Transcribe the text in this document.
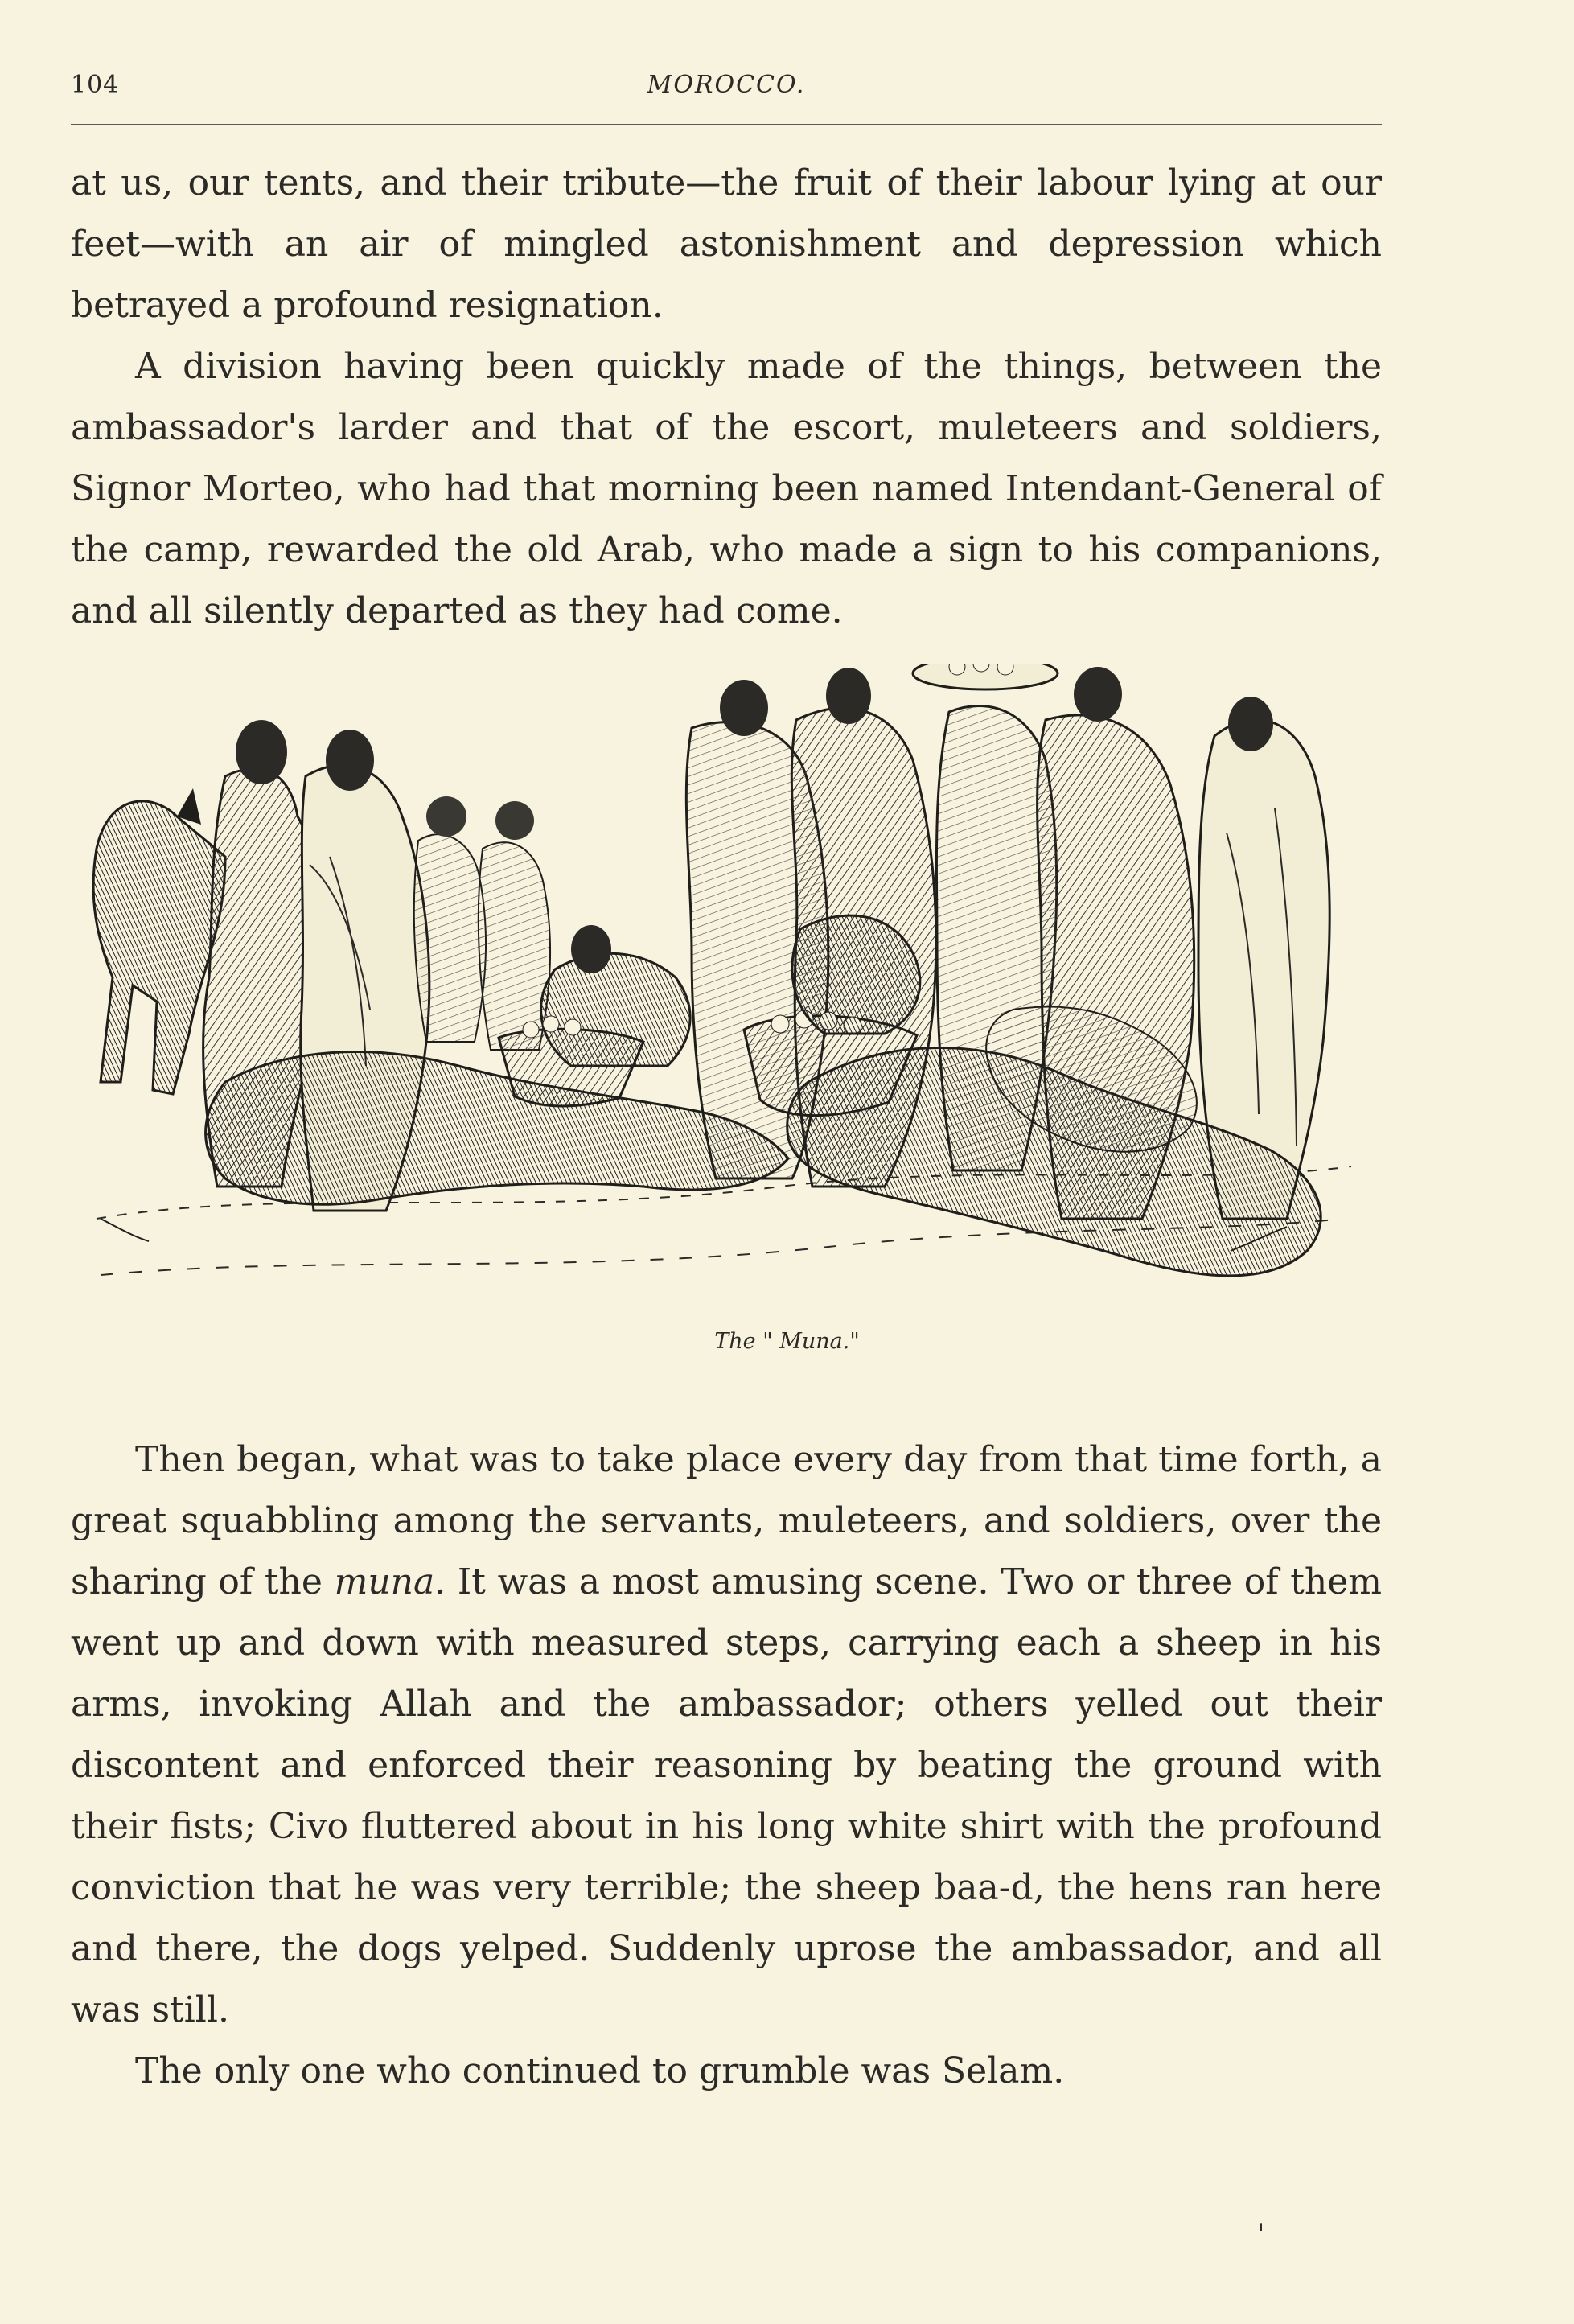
104	MOROCCO.

at us, our tents, and their tribute—the fruit of their labour lying at our feet—with an air of mingled astonishment and depression which betrayed a profound resignation.

A division having been quickly made of the things, between the ambassador's larder and that of the escort, muleteers and soldiers, Signor Morteo, who had that morning been named Intendant-General of the camp, rewarded the old Arab, who made a sign to his companions, and all silently departed as they had come.

The " Muna."

Then began, what was to take place every day from that time forth, a great squabbling among the servants, muleteers, and soldiers, over the sharing of the muna. It was a most amusing scene. Two or three of them went up and down with measured steps, carrying each a sheep in his arms, invoking Allah and the ambassador; others yelled out their discontent and enforced their reasoning by beating the ground with their fists; Civo fluttered about in his long white shirt with the profound conviction that he was very terrible; the sheep baa-d, the hens ran here and there, the dogs yelped. Suddenly uprose the ambassador, and all was still.

The only one who continued to grumble was Selam.

'
